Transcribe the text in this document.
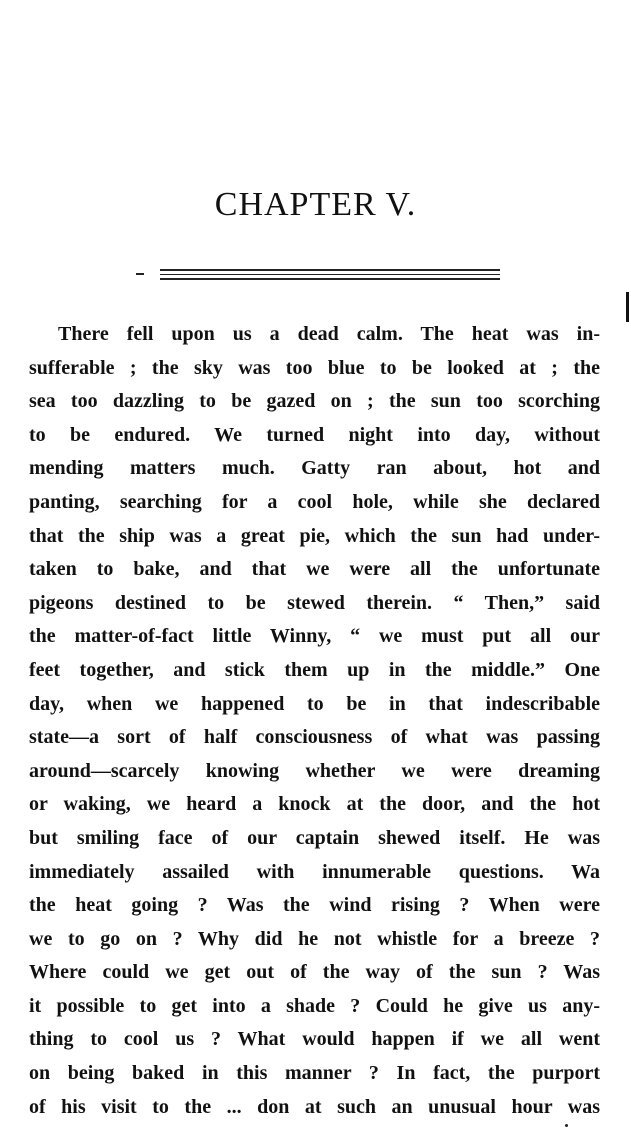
CHAPTER V.
There fell upon us a dead calm. The heat was in-
sufferable ; the sky was too blue to be looked at ; the
sea too dazzling to be gazed on ; the sun too scorching
to be endured. We turned night into day, without
mending matters much. Gatty ran about, hot and
panting, searching for a cool hole, while she declared
that the ship was a great pie, which the sun had under-
taken to bake, and that we were all the unfortunate
pigeons destined to be stewed therein. “ Then,” said
the matter-of-fact little Winny, “ we must put all our
feet together, and stick them up in the middle.” One
day, when we happened to be in that indescribable
state—a sort of half consciousness of what was passing
around—scarcely knowing whether we were dreaming
or waking, we heard a knock at the door, and the hot
but smiling face of our captain shewed itself. He was
immediately assailed with innumerable questions. Wa
the heat going ? Was the wind rising ? When were
we to go on ? Why did he not whistle for a breeze ?
Where could we get out of the way of the sun ? Was
it possible to get into a shade ? Could he give us any-
thing to cool us ? What would happen if we all went
on being baked in this manner ? In fact, the purport
of his visit to the ... don at such an unusual hour was
